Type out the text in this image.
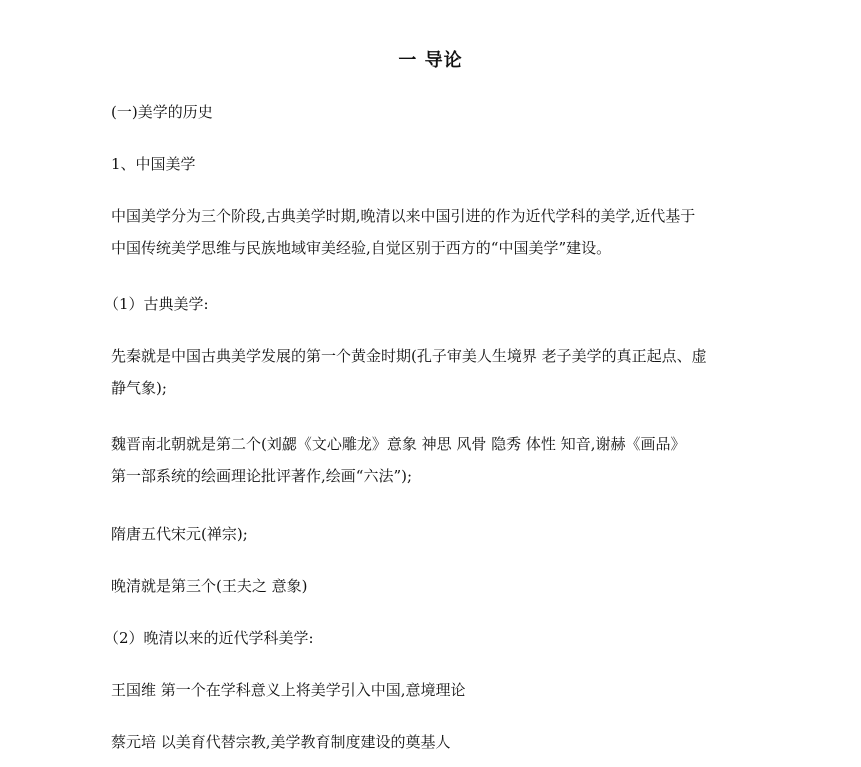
一 导论
(一)美学的历史
1、中国美学
中国美学分为三个阶段,古典美学时期,晚清以来中国引进的作为近代学科的美学,近代基于
中国传统美学思维与民族地域审美经验,自觉区别于西方的“中国美学”建设。
（1）古典美学:
先秦就是中国古典美学发展的第一个黄金时期(孔子审美人生境界 老子美学的真正起点、虚
静气象);
魏晋南北朝就是第二个(刘勰《文心雕龙》意象 神思 风骨 隐秀 体性 知音,谢赫《画品》
第一部系统的绘画理论批评著作,绘画“六法”);
隋唐五代宋元(禅宗);
晚清就是第三个(王夫之 意象)
（2）晚清以来的近代学科美学:
王国维 第一个在学科意义上将美学引入中国,意境理论
蔡元培 以美育代替宗教,美学教育制度建设的奠基人
